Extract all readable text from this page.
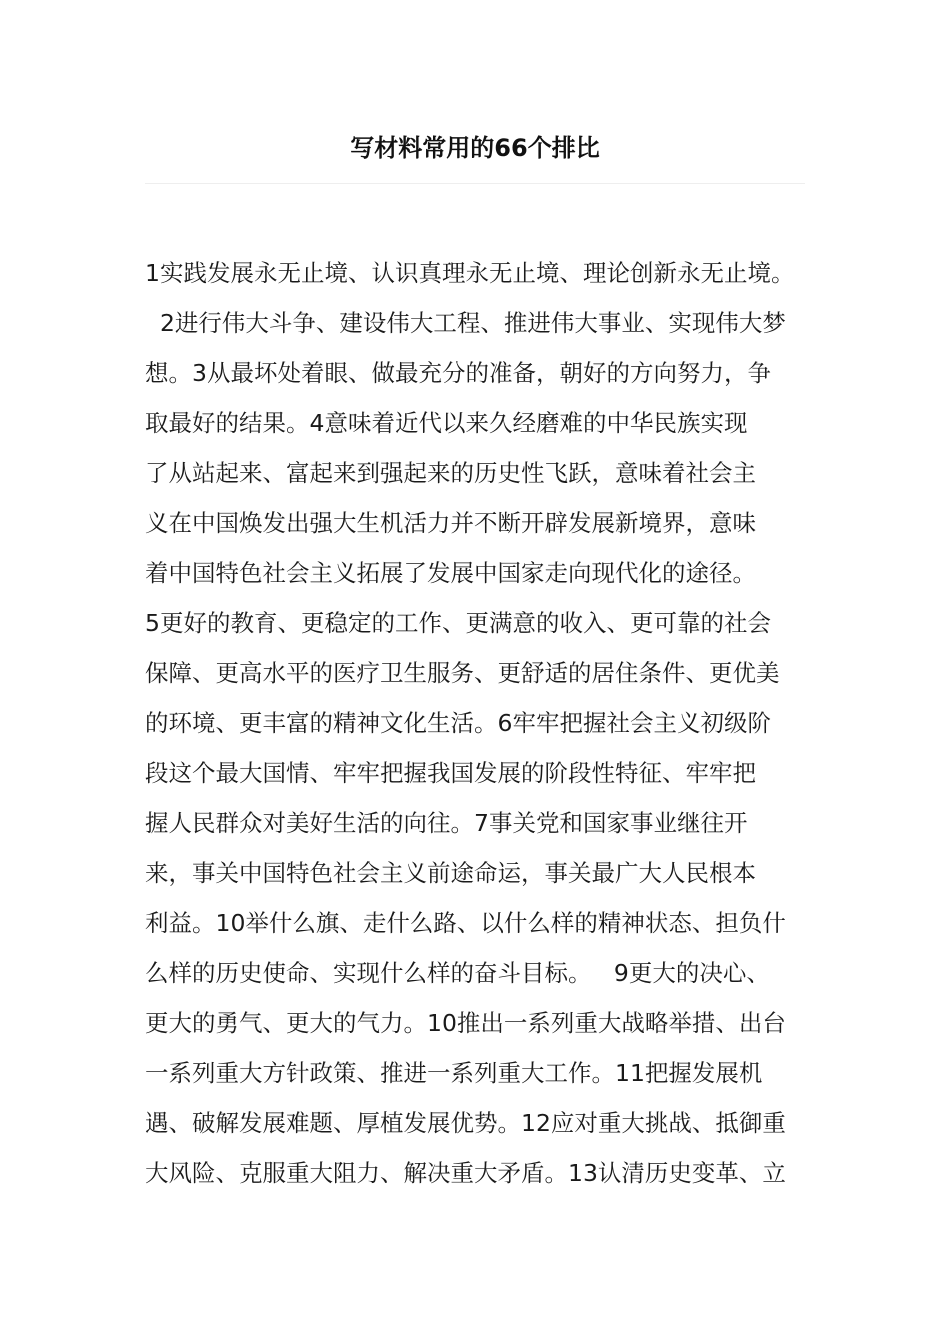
写材料常用的66个排比
1实践发展永无止境、认识真理永无止境、理论创新永无止境。
2进行伟大斗争、建设伟大工程、推进伟大事业、实现伟大梦
想。3从最坏处着眼、做最充分的准备，朝好的方向努力，争
取最好的结果。4意味着近代以来久经磨难的中华民族实现
了从站起来、富起来到强起来的历史性飞跃，意味着社会主
义在中国焕发出强大生机活力并不断开辟发展新境界，意味
着中国特色社会主义拓展了发展中国家走向现代化的途径。
5更好的教育、更稳定的工作、更满意的收入、更可靠的社会
保障、更高水平的医疗卫生服务、更舒适的居住条件、更优美
的环境、更丰富的精神文化生活。6牢牢把握社会主义初级阶
段这个最大国情、牢牢把握我国发展的阶段性特征、牢牢把
握人民群众对美好生活的向往。7事关党和国家事业继往开
来，事关中国特色社会主义前途命运，事关最广大人民根本
利益。10举什么旗、走什么路、以什么样的精神状态、担负什
么样的历史使命、实现什么样的奋斗目标。   9更大的决心、
更大的勇气、更大的气力。10推出一系列重大战略举措、出台
一系列重大方针政策、推进一系列重大工作。11把握发展机
遇、破解发展难题、厚植发展优势。12应对重大挑战、抵御重
大风险、克服重大阻力、解决重大矛盾。13认清历史变革、立
